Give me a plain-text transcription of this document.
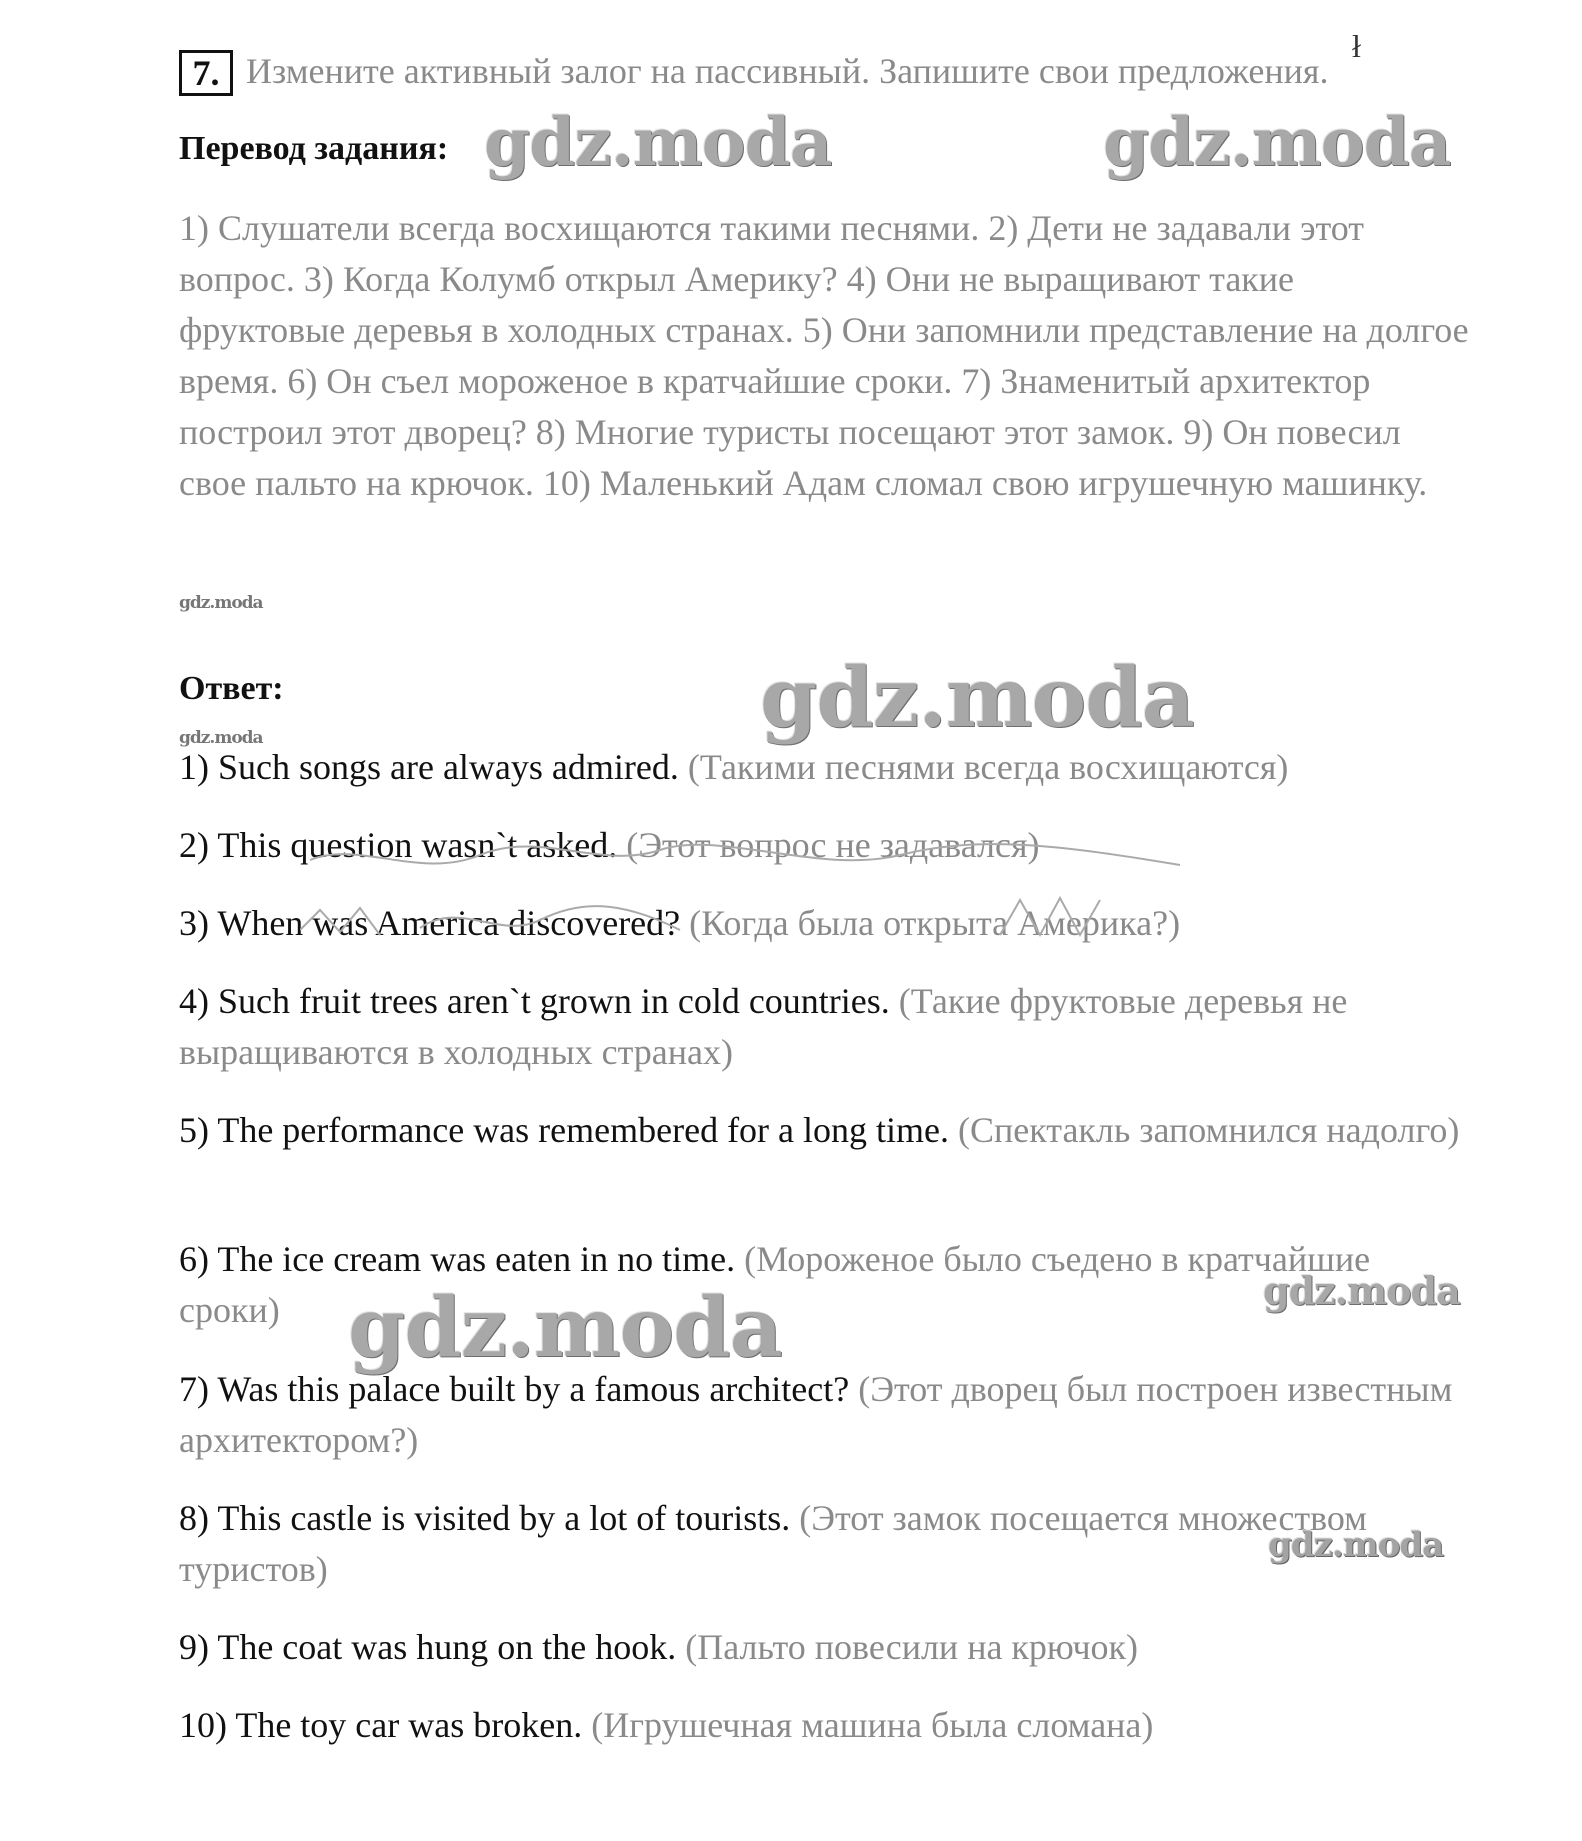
7. Измените активный залог на пассивный. Запишите свои предложения.
ł
Перевод задания: gdz.moda	gdz.moda
1) Слушатели всегда восхищаются такими песнями. 2) Дети не задавали этот вопрос. 3) Когда Колумб открыл Америку? 4) Они не выращивают такие фруктовые деревья в холодных странах. 5) Они запомнили представление на долгое время. 6) Он съел мороженое в кратчайшие сроки. 7) Знаменитый архитектор построил этот дворец? 8) Многие туристы посещают этот замок. 9) Он повесил свое пальто на крючок. 10) Маленький Адам сломал свою игрушечную машинку.
gdz.moda
Ответ:	gdz.moda
gdz.moda
1) Such songs are always admired. (Такими песнями всегда восхищаются)
2) This question wasn`t asked. (Этот вопрос не задавался)
3) When was America discovered? (Когда была открыта Америка?)
4) Such fruit trees aren`t grown in cold countries. (Такие фруктовые деревья не выращиваются в холодных странах)
5) The performance was remembered for a long time. (Спектакль запомнился надолго)
6) The ice cream was eaten in no time. (Мороженое было съедено в кратчайшие сроки)
7) Was this palace built by a famous architect? (Этот дворец был построен известным архитектором?)
8) This castle is visited by a lot of tourists. (Этот замок посещается множеством туристов)
9) The coat was hung on the hook. (Пальто повесили на крючок)
10) The toy car was broken. (Игрушечная машина была сломана)
gdz.moda
gdz.moda
gdz.moda
